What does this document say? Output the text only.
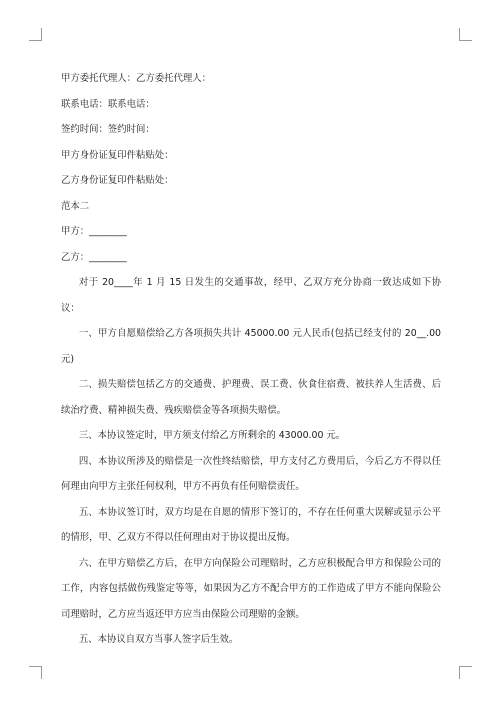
甲方委托代理人：乙方委托代理人：

联系电话：联系电话：

签约时间：签约时间：

甲方身份证复印件粘贴处：

乙方身份证复印件粘贴处：

范本二

甲方：________

乙方：________

对于 20____年 1 月 15 日发生的交通事故，经甲、乙双方充分协商一致达成如下协议：

一、甲方自愿赔偿给乙方各项损失共计 45000.00 元人民币(包括已经支付的 20__.00 元)

二、损失赔偿包括乙方的交通费、护理费、误工费、伙食住宿费、被扶养人生活费、后续治疗费、精神损失费、残疾赔偿金等各项损失赔偿。

三、本协议签定时，甲方须支付给乙方所剩余的 43000.00 元。

四、本协议所涉及的赔偿是一次性终结赔偿，甲方支付乙方费用后，今后乙方不得以任何理由向甲方主张任何权利，甲方不再负有任何赔偿责任。

五、本协议签订时，双方均是在自愿的情形下签订的，不存在任何重大误解或显示公平的情形，甲、乙双方不得以任何理由对于协议提出反悔。

六、在甲方赔偿乙方后，在甲方向保险公司理赔时，乙方应积极配合甲方和保险公司的工作，内容包括做伤残鉴定等等，如果因为乙方不配合甲方的工作造成了甲方不能向保险公司理赔时，乙方应当返还甲方应当由保险公司理赔的金额。

五、本协议自双方当事人签字后生效。
